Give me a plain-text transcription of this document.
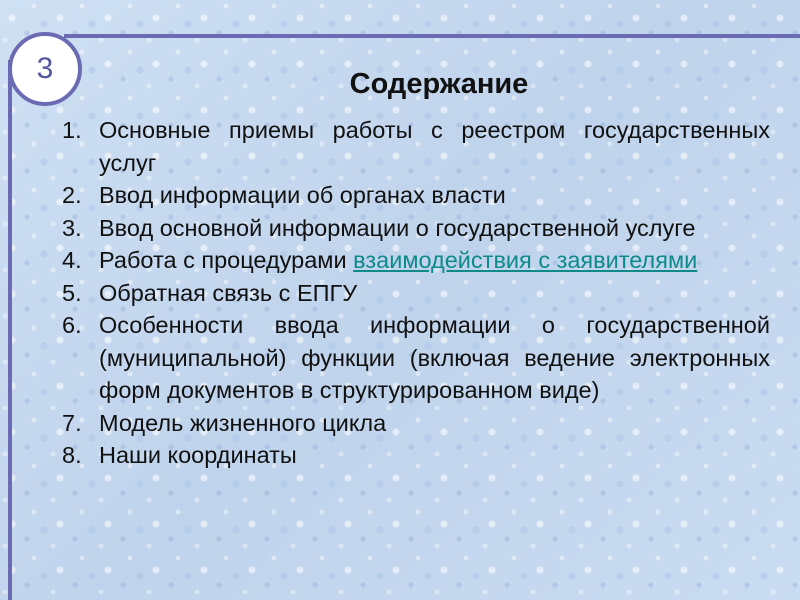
3	Содержание
1. Основные приемы работы с реестром государственных услуг
2. Ввод информации об органах власти
3. Ввод основной информации о государственной услуге
4. Работа с процедурами взаимодействия с заявителями
5. Обратная связь с ЕПГУ
6. Особенности ввода информации о государственной (муниципальной) функции (включая ведение электронных форм документов в структурированном виде)
7. Модель жизненного цикла
8. Наши координаты
